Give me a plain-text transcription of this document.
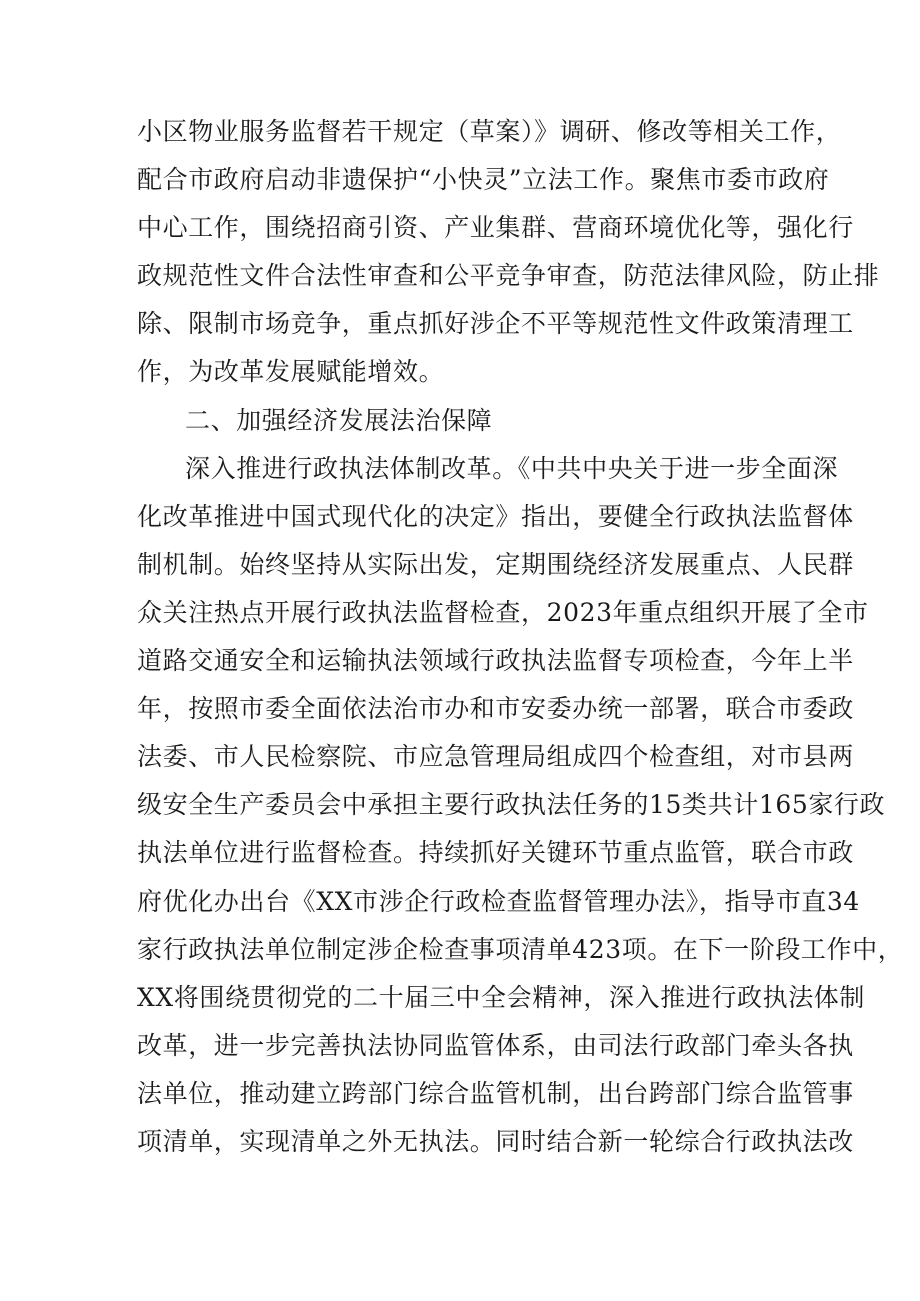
小区物业服务监督若干规定（草案）》调研、修改等相关工作，
配合市政府启动非遗保护“小快灵”立法工作。聚焦市委市政府
中心工作，围绕招商引资、产业集群、营商环境优化等，强化行
政规范性文件合法性审查和公平竞争审查，防范法律风险，防止排
除、限制市场竞争，重点抓好涉企不平等规范性文件政策清理工
作，为改革发展赋能增效。
二、加强经济发展法治保障
深入推进行政执法体制改革。《中共中央关于进一步全面深
化改革推进中国式现代化的决定》指出，要健全行政执法监督体
制机制。始终坚持从实际出发，定期围绕经济发展重点、人民群
众关注热点开展行政执法监督检查，2023年重点组织开展了全市
道路交通安全和运输执法领域行政执法监督专项检查，今年上半
年，按照市委全面依法治市办和市安委办统一部署，联合市委政
法委、市人民检察院、市应急管理局组成四个检查组，对市县两
级安全生产委员会中承担主要行政执法任务的15类共计165家行政
执法单位进行监督检查。持续抓好关键环节重点监管，联合市政
府优化办出台《XX市涉企行政检查监督管理办法》，指导市直34
家行政执法单位制定涉企检查事项清单423项。在下一阶段工作中，
XX将围绕贯彻党的二十届三中全会精神，深入推进行政执法体制
改革，进一步完善执法协同监管体系，由司法行政部门牵头各执
法单位，推动建立跨部门综合监管机制，出台跨部门综合监管事
项清单，实现清单之外无执法。同时结合新一轮综合行政执法改
